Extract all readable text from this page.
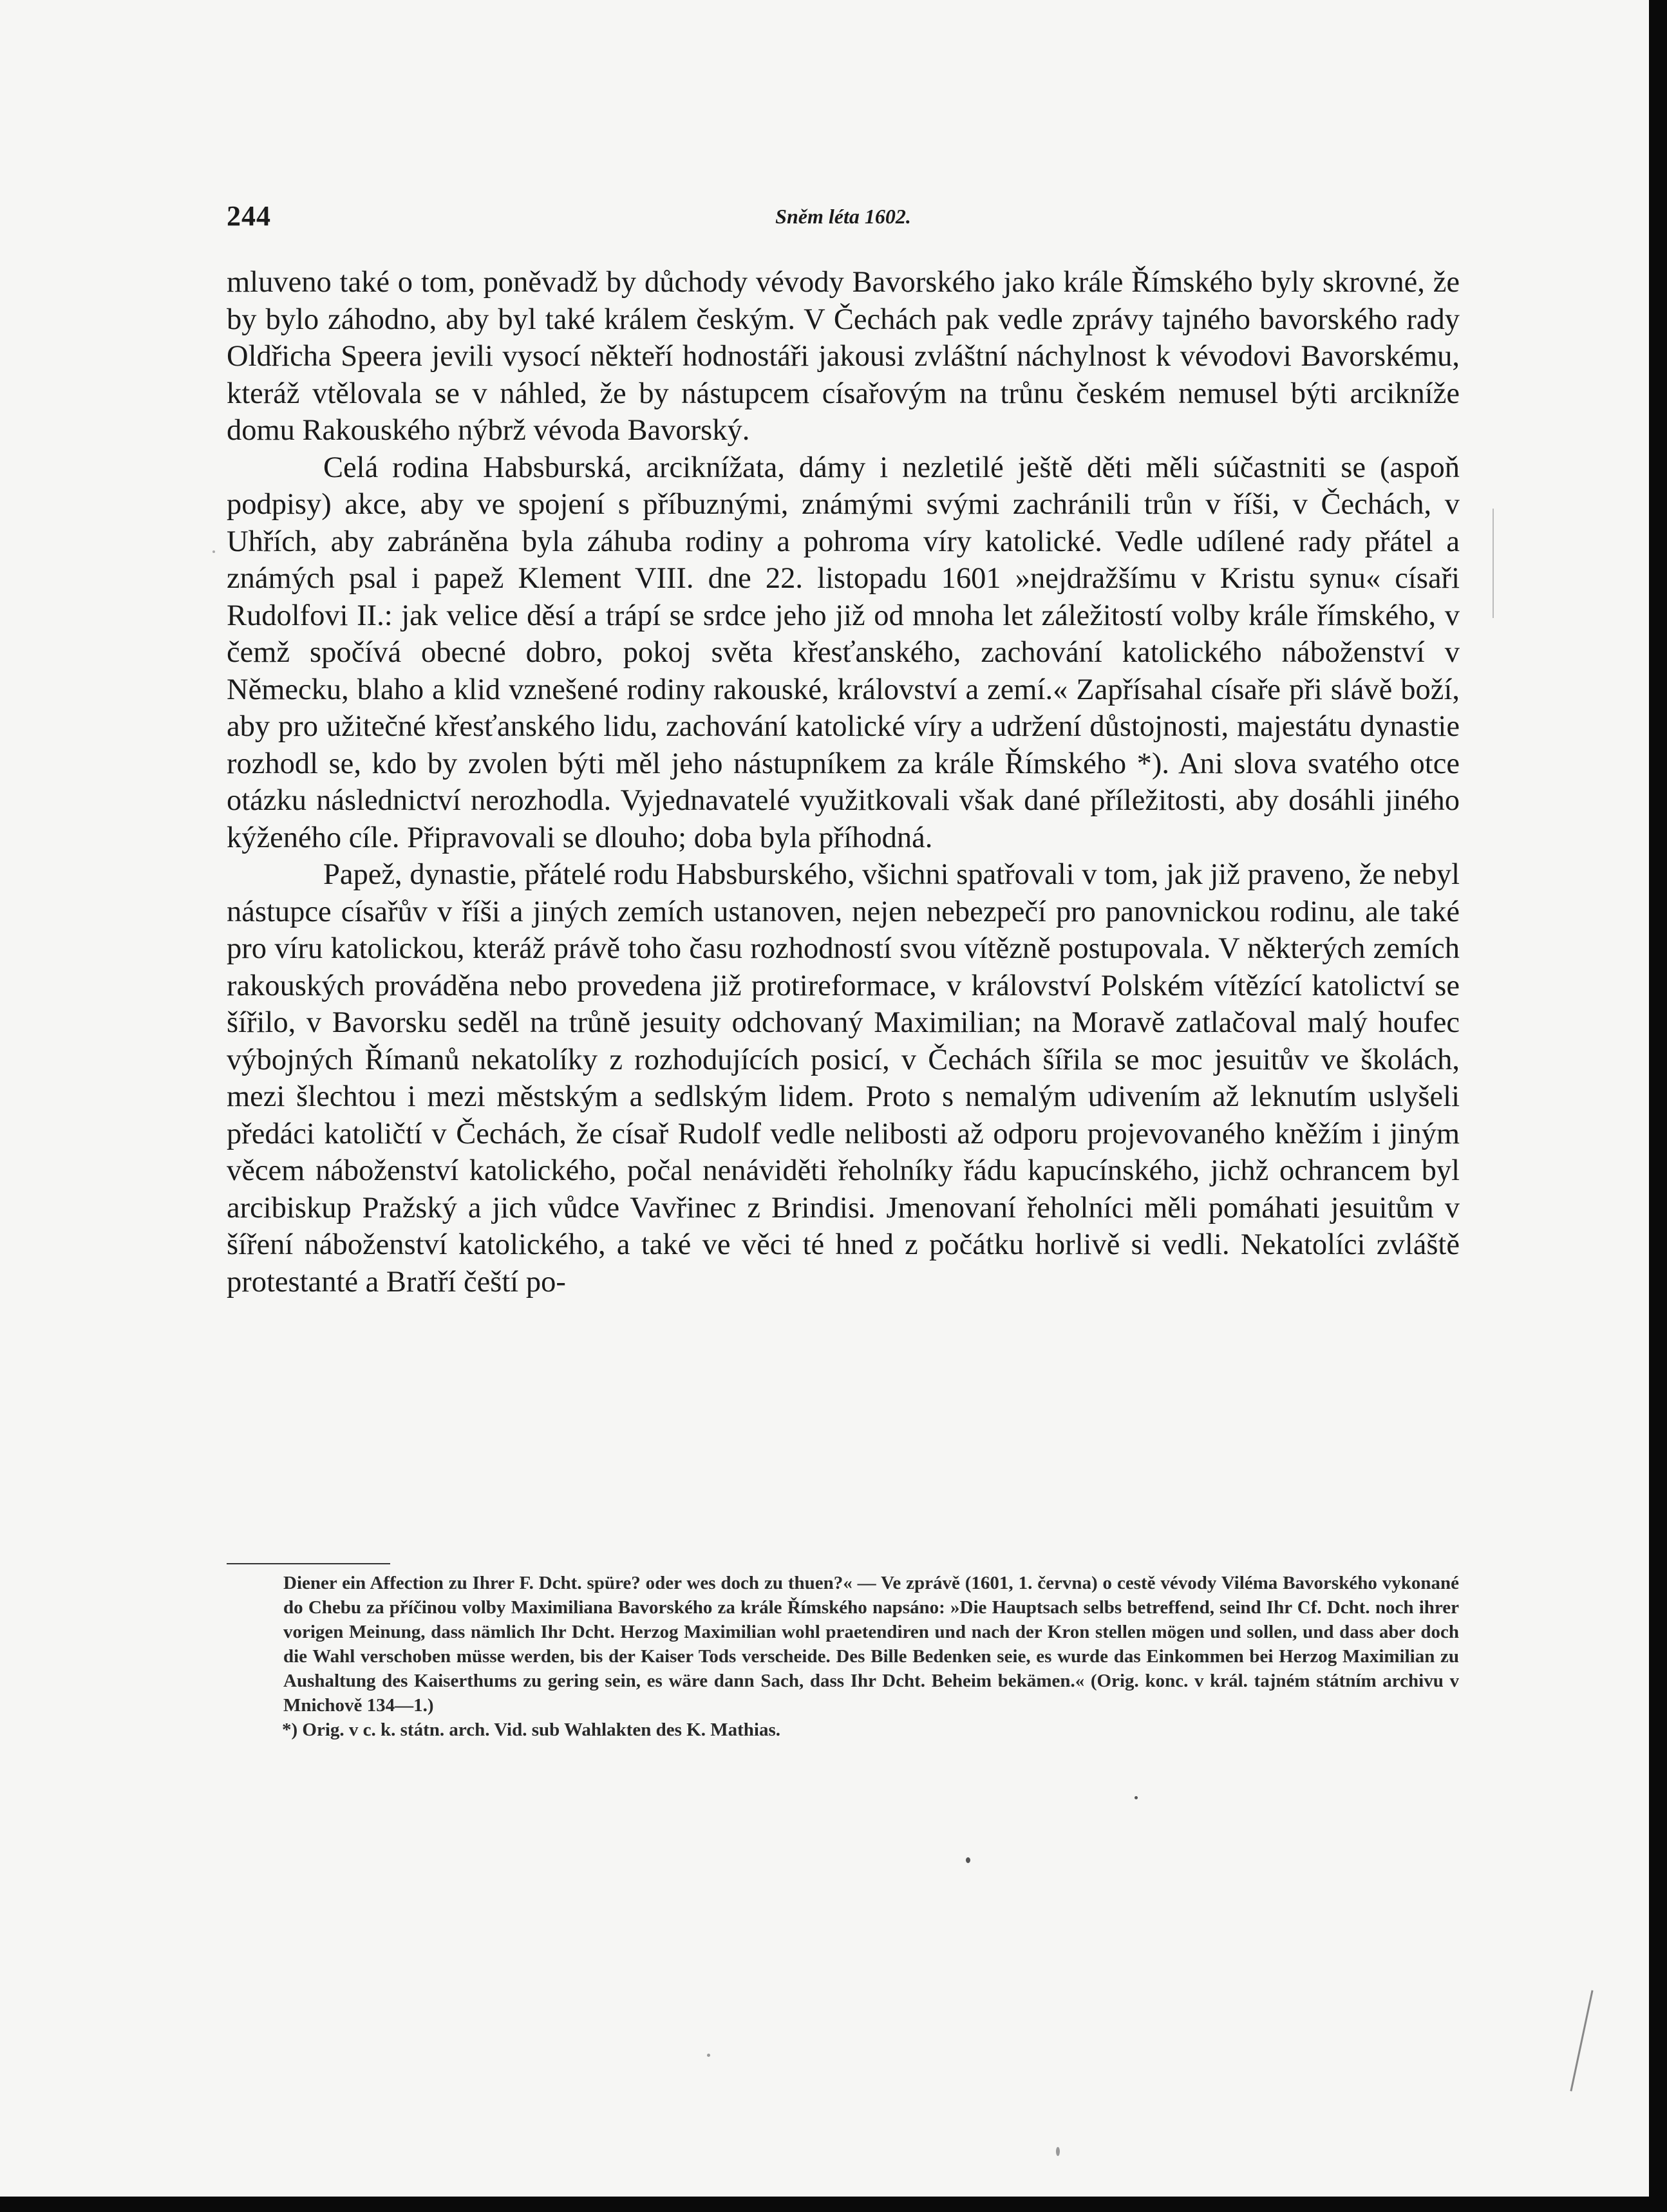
244	Sněm léta 1602.

mluveno také o tom, poněvadž by důchody vévody Bavorského jako krále Římského byly skrovné, že by bylo záhodno, aby byl také králem českým. V Čechách pak vedle zprávy tajného bavorského rady Oldřicha Speera jevili vysocí někteří hodnostáři jakousi zvláštní náchylnost k vévodovi Bavorskému, kteráž vtělovala se v náhled, že by nástupcem císařovým na trůnu českém nemusel býti arcikníže domu Rakouského nýbrž vévoda Bavorský.

Celá rodina Habsburská, arciknížata, dámy i nezletilé ještě děti měli súčastniti se (aspoň podpisy) akce, aby ve spojení s příbuznými, známými svými zachránili trůn v říši, v Čechách, v Uhřích, aby zabráněna byla záhuba rodiny a pohroma víry katolické. Vedle udílené rady přátel a známých psal i papež Klement VIII. dne 22. listopadu 1601 »nejdražšímu v Kristu synu« císaři Rudolfovi II.: jak velice děsí a trápí se srdce jeho již od mnoha let záležitostí volby krále římského, v čemž spočívá obecné dobro, pokoj světa křesťanského, zachování katolického náboženství v Německu, blaho a klid vznešené rodiny rakouské, království a zemí.« Zapřísahal císaře při slávě boží, aby pro užitečné křesťanského lidu, zachování katolické víry a udržení důstojnosti, majestátu dynastie rozhodl se, kdo by zvolen býti měl jeho nástupníkem za krále Římského *). Ani slova svatého otce otázku následnictví nerozhodla. Vyjednavatelé využitkovali však dané příležitosti, aby dosáhli jiného kýženého cíle. Připravovali se dlouho; doba byla příhodná.

Papež, dynastie, přátelé rodu Habsburského, všichni spatřovali v tom, jak již praveno, že nebyl nástupce císařův v říši a jiných zemích ustanoven, nejen nebezpečí pro panovnickou rodinu, ale také pro víru katolickou, kteráž právě toho času rozhodností svou vítězně postupovala. V některých zemích rakouských prováděna nebo provedena již protireformace, v království Polském vítězící katolictví se šířilo, v Bavorsku seděl na trůně jesuity odchovaný Maximilian; na Moravě zatlačoval malý houfec výbojných Římanů nekatolíky z rozhodujících posicí, v Čechách šířila se moc jesuitův ve školách, mezi šlechtou i mezi městským a sedlským lidem. Proto s nemalým udivením až leknutím uslyšeli předáci katoličtí v Čechách, že císař Rudolf vedle nelibosti až odporu projevovaného kněžím i jiným věcem náboženství katolického, počal nenáviděti řeholníky řádu kapucínského, jichž ochrancem byl arcibiskup Pražský a jich vůdce Vavřinec z Brindisi. Jmenovaní řeholníci měli pomáhati jesuitům v šíření náboženství katolického, a také ve věci té hned z počátku horlivě si vedli. Nekatolíci zvláště protestanté a Bratří čeští po-

Diener ein Affection zu Ihrer F. Dcht. spüre? oder wes doch zu thuen?« — Ve zprávě (1601, 1. června) o cestě vévody Viléma Bavorského vykonané do Chebu za příčinou volby Maximiliana Bavorského za krále Římského napsáno: »Die Hauptsach selbs betreffend, seind Ihr Cf. Dcht. noch ihrer vorigen Meinung, dass nämlich Ihr Dcht. Herzog Maximilian wohl praetendiren und nach der Kron stellen mögen und sollen, und dass aber doch die Wahl verschoben müsse werden, bis der Kaiser Tods verscheide. Des Bille Bedenken seie, es wurde das Einkommen bei Herzog Maximilian zu Aushaltung des Kaiserthums zu gering sein, es wäre dann Sach, dass Ihr Dcht. Beheim bekämen.« (Orig. konc. v král. tajném státním archivu v Mnichově 134—1.)

*) Orig. v c. k. státn. arch. Vid. sub Wahlakten des K. Mathias.
